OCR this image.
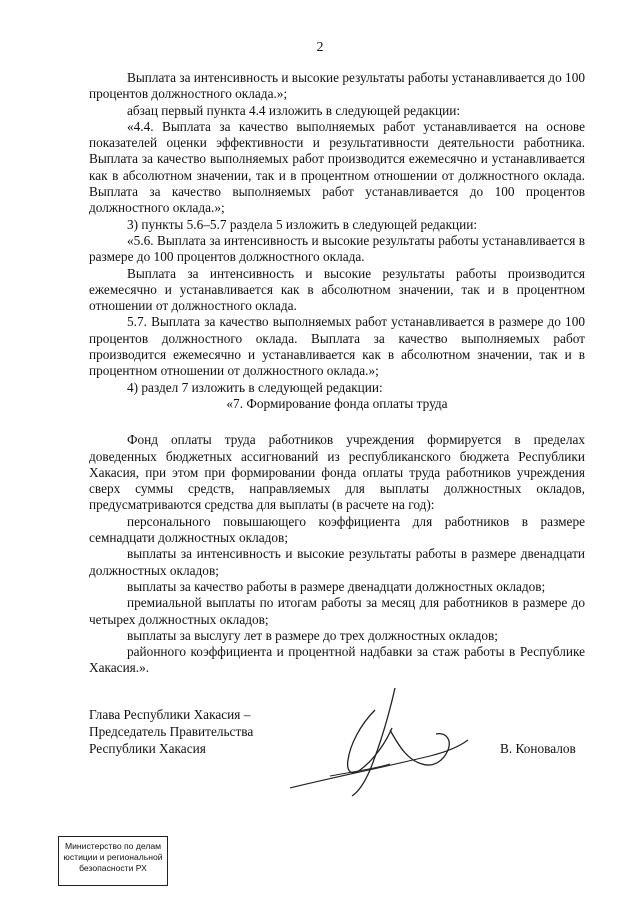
2

Выплата за интенсивность и высокие результаты работы устанавливается до 100 процентов должностного оклада.»;

абзац первый пункта 4.4 изложить в следующей редакции:

«4.4. Выплата за качество выполняемых работ устанавливается на основе показателей оценки эффективности и результативности деятельности работника. Выплата за качество выполняемых работ производится ежемесячно и устанавливается как в абсолютном значении, так и в процентном отношении от должностного оклада. Выплата за качество выполняемых работ устанавливается до 100 процентов должностного оклада.»;

3) пункты 5.6–5.7 раздела 5 изложить в следующей редакции:

«5.6. Выплата за интенсивность и высокие результаты работы устанавливается в размере до 100 процентов должностного оклада.

Выплата за интенсивность и высокие результаты работы производится ежемесячно и устанавливается как в абсолютном значении, так и в процентном отношении от должностного оклада.

5.7. Выплата за качество выполняемых работ устанавливается в размере до 100 процентов должностного оклада. Выплата за качество выполняемых работ производится ежемесячно и устанавливается как в абсолютном значении, так и в процентном отношении от должностного оклада.»;

4) раздел 7 изложить в следующей редакции:

«7. Формирование фонда оплаты труда

Фонд оплаты труда работников учреждения формируется в пределах доведенных бюджетных ассигнований из республиканского бюджета Республики Хакасия, при этом при формировании фонда оплаты труда работников учреждения сверх суммы средств, направляемых для выплаты должностных окладов, предусматриваются средства для выплаты (в расчете на год):

персонального повышающего коэффициента для работников в размере семнадцати должностных окладов;

выплаты за интенсивность и высокие результаты работы в размере двенадцати должностных окладов;

выплаты за качество работы в размере двенадцати должностных окладов;

премиальной выплаты по итогам работы за месяц для работников в размере до четырех должностных окладов;

выплаты за выслугу лет в размере до трех должностных окладов;

районного коэффициента и процентной надбавки за стаж работы в Республике Хакасия.».

Глава Республики Хакасия –
Председатель Правительства
Республики Хакасия	В. Коновалов
Министерство по делам
юстиции и региональной
безопасности РХ
